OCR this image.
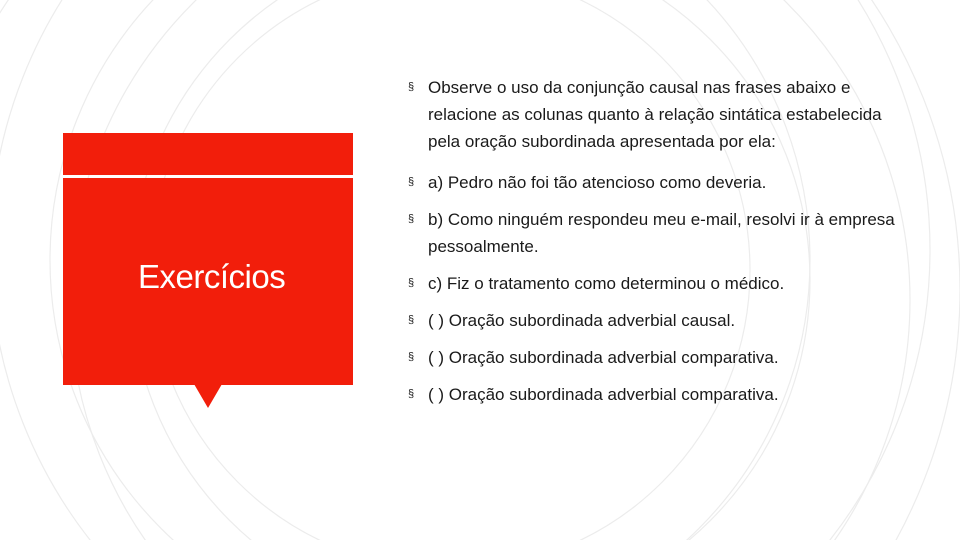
Exercícios
§ Observe o uso da conjunção causal nas frases abaixo e relacione as colunas quanto à relação sintática estabelecida pela oração subordinada apresentada por ela:
§ a) Pedro não foi tão atencioso como deveria.
§ b) Como ninguém respondeu meu e-mail, resolvi ir à empresa pessoalmente.
§ c) Fiz o tratamento como determinou o médico.
§ ( ) Oração subordinada adverbial causal.
§ ( ) Oração subordinada adverbial comparativa.
§ ( ) Oração subordinada adverbial comparativa.
